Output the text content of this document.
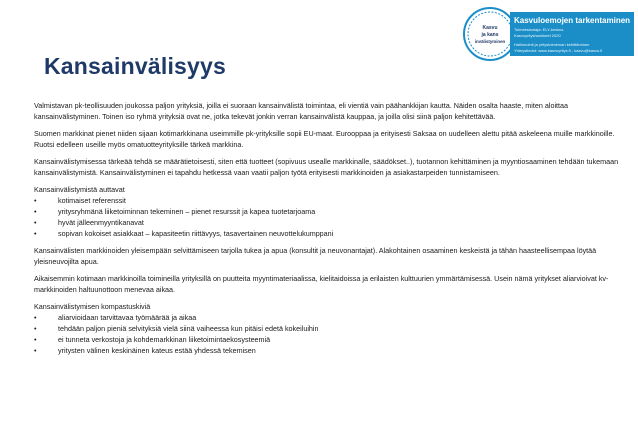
Kasvu
ja kans
invälistyminen
Kasvuloemojen tarkentaminen
Toimeksiantaja: ELY-keskus
Kasvuyrityshankkeet 2020
Hallinnointi ja yritystoiminnan kehittäminen
Yhteystiedot: www.kasvuyritys.fi - kasvu@kasvu.fi
Kansainvälisyys

Valmistavan pk-teollisuuden joukossa paljon yrityksiä, joilla ei suoraan kansainvälistä toimintaa, eli vientiä vain päähankkijan kautta. Näiden osalta haaste, miten aloittaa kansainvälistyminen. Toinen iso ryhmä yrityksiä ovat ne, jotka tekevät jonkin verran kansainvälistä kauppaa, ja joilla olisi siinä paljon kehitettävää.

Suomen markkinat pienet niiden sijaan kotimarkkinana useimmille pk-yrityksille sopii EU-maat. Eurooppaa ja erityisesti Saksaa on uudelleen alettu pitää askeleena muille markkinoille. Ruotsi edelleen useille myös omatuotteyrityksille tärkeä markkina.

Kansainvälistymisessa tärkeää tehdä se määrätietoisesti, siten että tuotteet (sopivuus usealle markkinalle, säädökset..), tuotannon kehittäminen ja myyntiosaaminen tehdään tukemaan kansainvälistymistä. Kansainvälistyminen ei tapahdu hetkessä vaan vaatii paljon työtä erityisesti markkinoiden ja asiakastarpeiden tunnistamiseen.

Kansainvälistymistä auttavat

•	kotimaiset referenssit
•	yritysryhmänä liiketoiminnan tekeminen – pienet resurssit ja kapea tuotetarjoama
•	hyvät jälleenmyyntikanavat
•	sopivan kokoiset asiakkaat – kapasiteetin riittävyys, tasavertainen neuvottelukumppani

Kansainvälisten markkinoiden yleisempään selvittämiseen tarjolla tukea ja apua (konsultit ja neuvonantajat). Alakohtainen osaaminen keskeistä ja tähän haasteellisempaa löytää yleisneuvojilta apua.

Aikaisemmin kotimaan markkinoilla toimineilla yrityksillä on puutteita myyntimateriaalissa, kielitaidoissa ja erilaisten kulttuurien ymmärtämisessä. Usein nämä yritykset aliarvioivat kv-markkinoiden haltuunottoon menevaa aikaa.

Kansainvälistymisen kompastuskiviä

•	aliarvioidaan tarvittavaa työmäärää ja aikaa
•	tehdään paljon pieniä selvityksiä vielä siinä vaiheessa kun pitäisi edetä kokeiluihin
•	ei tunneta verkostoja ja kohdemarkkinan liiketoimintaekosysteemiä
•	yritysten välinen keskinäinen kateus estää yhdessä tekemisen
